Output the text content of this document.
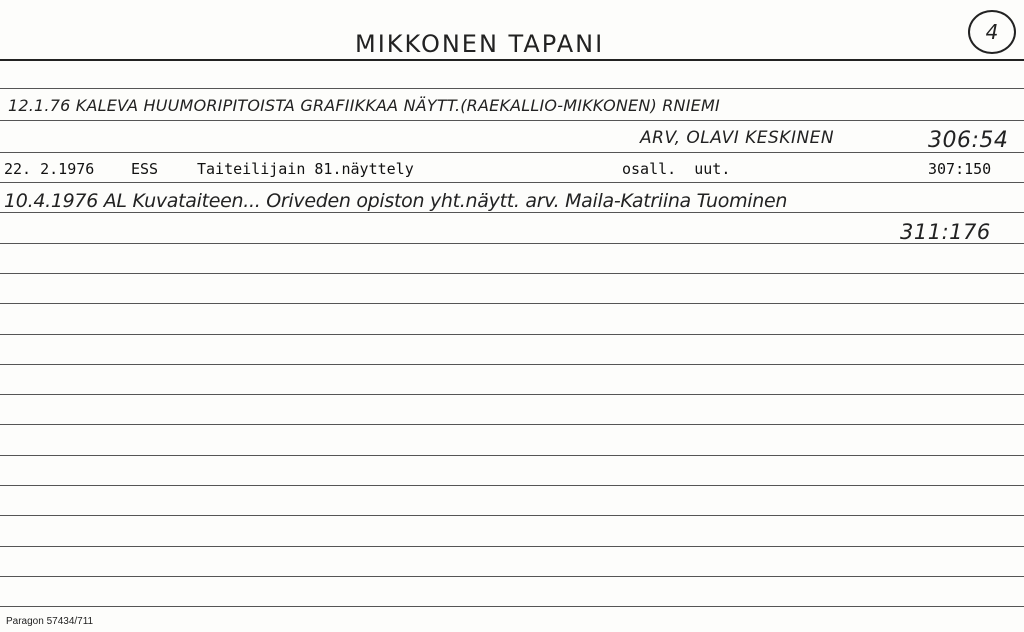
MIKKONEN TAPANI	4
12.1.76 KALEVA HUUMORIPITOISTA GRAFIIKKAA NÄYTT.(RAEKALLIO-MIKKONEN) RNIEMI
ARV, OLAVI KESKINEN	306:54
22. 2.1976 ESS	Taiteilijain 81.näyttely	osall.  uut.	307:150
10.4.1976 AL Kuvataiteen... Oriveden opiston yht.näytt. arv. Maila-Katriina Tuominen
311:176
Paragon 57434/711
